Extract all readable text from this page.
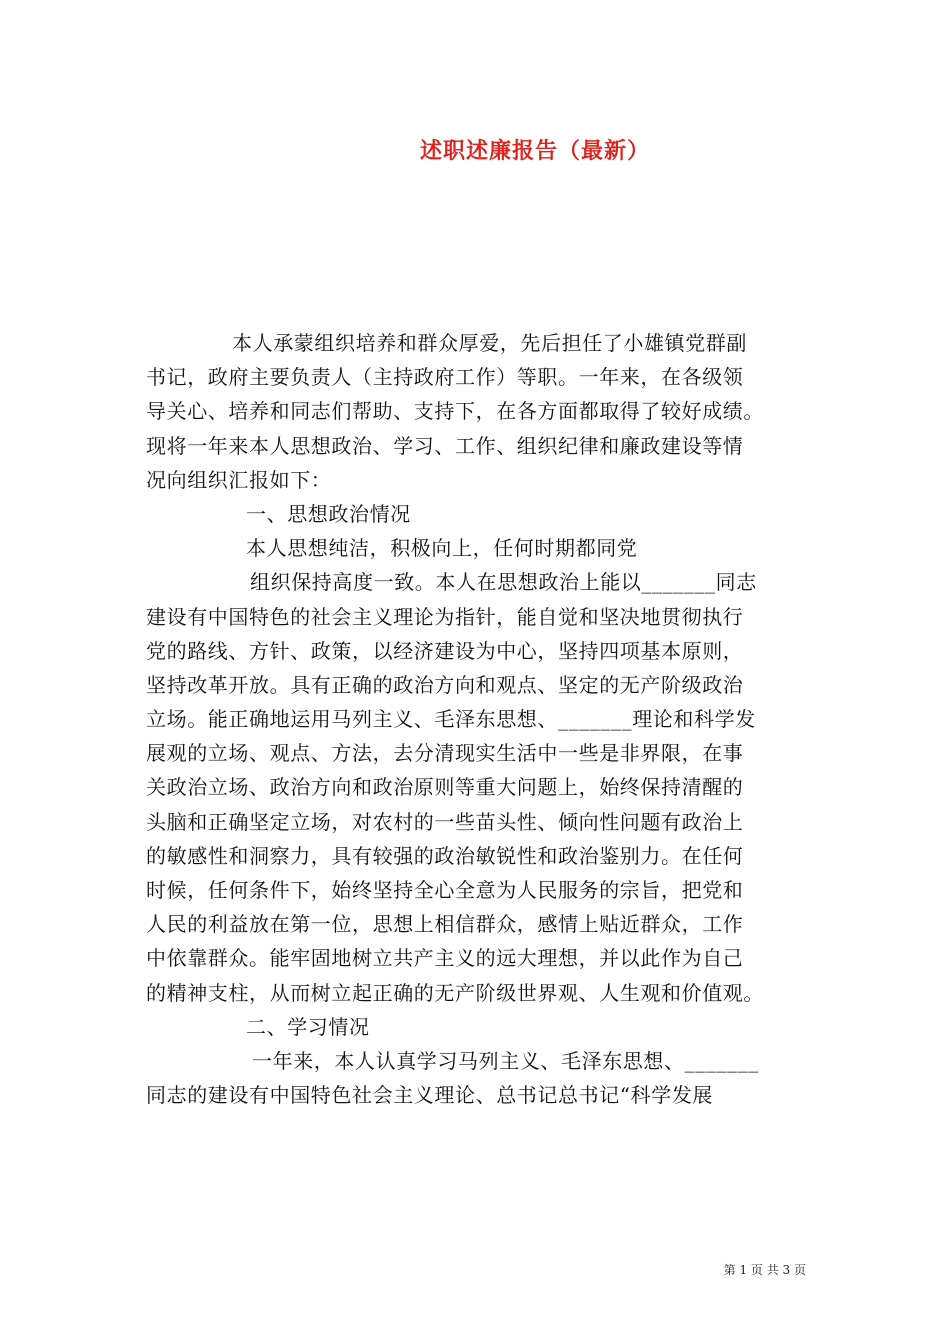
述职述廉报告（最新）
本人承蒙组织培养和群众厚爱，先后担任了小雄镇党群副
书记，政府主要负责人（主持政府工作）等职。一年来，在各级领
导关心、培养和同志们帮助、支持下，在各方面都取得了较好成绩。
现将一年来本人思想政治、学习、工作、组织纪律和廉政建设等情
况向组织汇报如下：
一、思想政治情况
本人思想纯洁，积极向上，任何时期都同党
组织保持高度一致。本人在思想政治上能以_______同志
建设有中国特色的社会主义理论为指针，能自觉和坚决地贯彻执行
党的路线、方针、政策，以经济建设为中心，坚持四项基本原则，
坚持改革开放。具有正确的政治方向和观点、坚定的无产阶级政治
立场。能正确地运用马列主义、毛泽东思想、_______理论和科学发
展观的立场、观点、方法，去分清现实生活中一些是非界限，在事
关政治立场、政治方向和政治原则等重大问题上，始终保持清醒的
头脑和正确坚定立场，对农村的一些苗头性、倾向性问题有政治上
的敏感性和洞察力，具有较强的政治敏锐性和政治鉴别力。在任何
时候，任何条件下，始终坚持全心全意为人民服务的宗旨，把党和
人民的利益放在第一位，思想上相信群众，感情上贴近群众，工作
中依靠群众。能牢固地树立共产主义的远大理想，并以此作为自己
的精神支柱，从而树立起正确的无产阶级世界观、人生观和价值观。
二、学习情况
一年来，本人认真学习马列主义、毛泽东思想、_______
同志的建设有中国特色社会主义理论、总书记总书记“科学发展
第 1 页 共 3 页
